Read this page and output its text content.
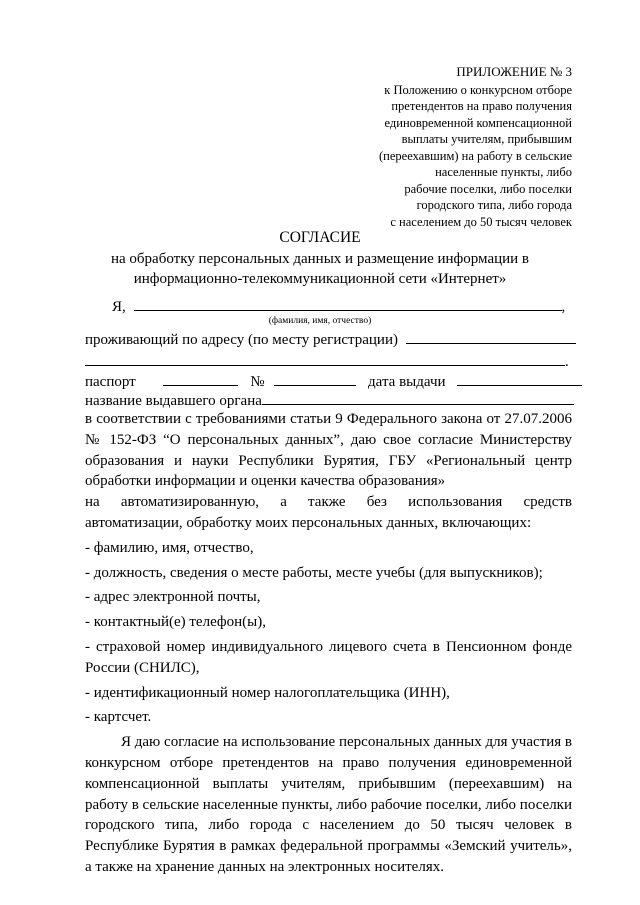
ПРИЛОЖЕНИЕ № 3
к Положению о конкурсном отборе
претендентов на право получения
единовременной компенсационной
выплаты учителям, прибывшим
(переехавшим) на работу в сельские
населенные пункты, либо
рабочие поселки, либо поселки
городского типа, либо города
с населением до 50 тысяч человек
СОГЛАСИЕ
на обработку персональных данных и размещение информации в
информационно-телекоммуникационной сети «Интернет»
Я,	,
(фамилия, имя, отчество)
проживающий по адресу (по месту регистрации)
.
паспорт	№	дата выдачи
название выдавшего органа

в соответствии с требованиями статьи 9 Федерального закона от 27.07.2006 № 152-ФЗ “О персональных данных”, даю свое согласие Министерству образования и науки Республики Бурятия, ГБУ «Региональный центр обработки информации и оценки качества образования»

на автоматизированную, а также без использования средств

автоматизации, обработку моих персональных данных, включающих:

- фамилию, имя, отчество,

- должность, сведения о месте работы, месте учебы (для выпускников);

- адрес электронной почты,

- контактный(е) телефон(ы),

- страховой номер индивидуального лицевого счета в Пенсионном фонде России (СНИЛС),

- идентификационный номер налогоплательщика (ИНН),

- картсчет.

Я даю согласие на использование персональных данных для участия в конкурсном отборе претендентов на право получения единовременной компенсационной выплаты учителям, прибывшим (переехавшим) на работу в сельские населенные пункты, либо рабочие поселки, либо поселки городского типа, либо города с населением до 50 тысяч человек в Республике Бурятия в рамках федеральной программы «Земский учитель», а также на хранение данных на электронных носителях.
